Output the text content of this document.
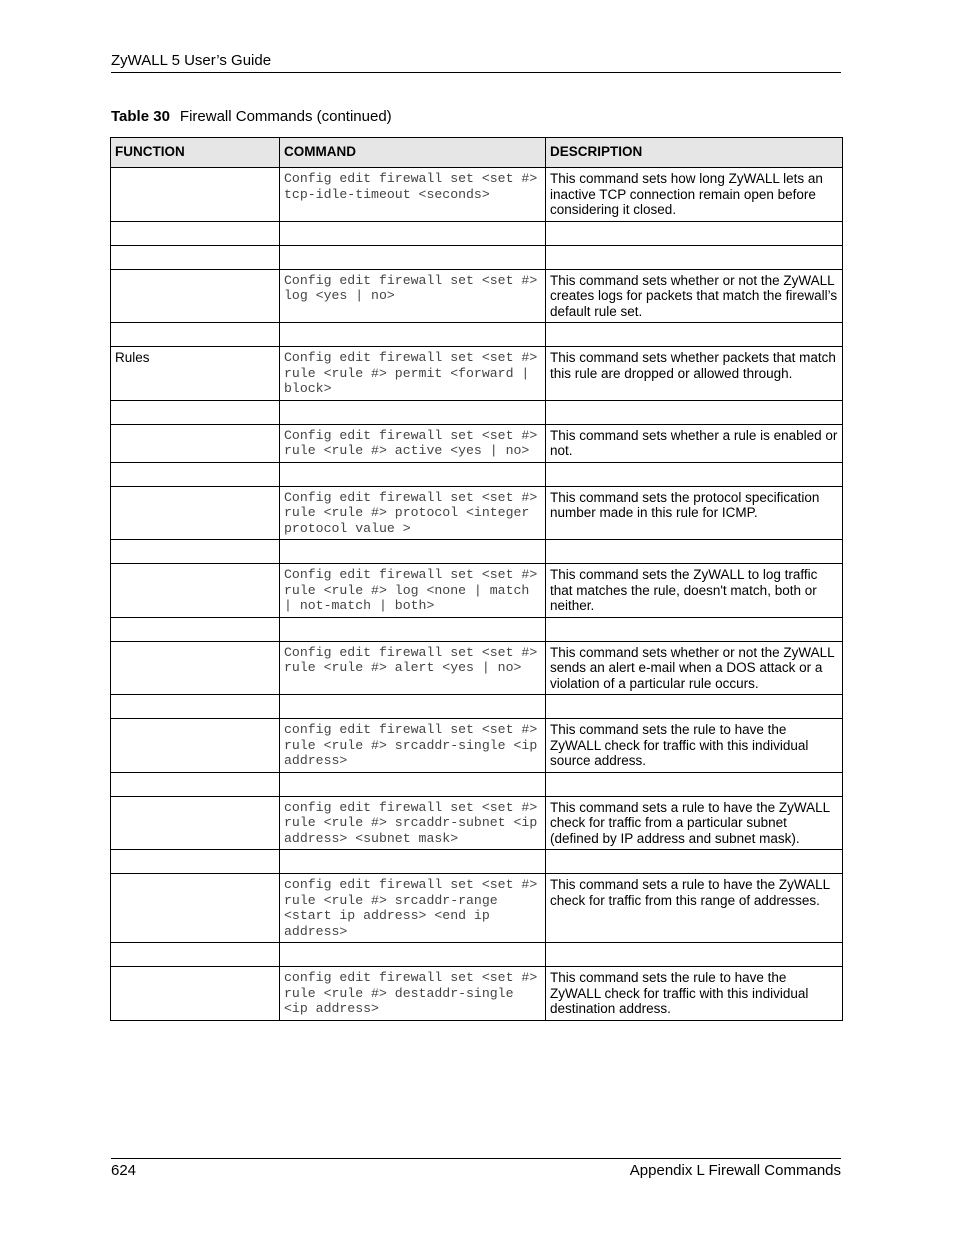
ZyWALL 5 User’s Guide
Table 30 Firewall Commands (continued)
FUNCTION	COMMAND	DESCRIPTION
	Config edit firewall set <set #> tcp-idle-timeout <seconds>	This command sets how long ZyWALL lets an inactive TCP connection remain open before considering it closed.

	Config edit firewall set <set #> log <yes | no>	This command sets whether or not the ZyWALL creates logs for packets that match the firewall’s default rule set.

Rules	Config edit firewall set <set #> rule <rule #> permit <forward | block>	This command sets whether packets that match this rule are dropped or allowed through.

	Config edit firewall set <set #> rule <rule #> active <yes | no>	This command sets whether a rule is enabled or not.

	Config edit firewall set <set #> rule <rule #> protocol <integer protocol value >	This command sets the protocol specification number made in this rule for ICMP.

	Config edit firewall set <set #> rule <rule #> log <none | match | not-match | both>	This command sets the ZyWALL to log traffic that matches the rule, doesn't match, both or neither.

	Config edit firewall set <set #> rule <rule #> alert <yes | no>	This command sets whether or not the ZyWALL sends an alert e-mail when a DOS attack or a violation of a particular rule occurs.

	config edit firewall set <set #> rule <rule #> srcaddr-single <ip address>	This command sets the rule to have the ZyWALL check for traffic with this individual source address.

	config edit firewall set <set #> rule <rule #> srcaddr-subnet <ip address> <subnet mask>	This command sets a rule to have the ZyWALL check for traffic from a particular subnet (defined by IP address and subnet mask).

	config edit firewall set <set #> rule <rule #> srcaddr-range <start ip address> <end ip address>	This command sets a rule to have the ZyWALL check for traffic from this range of addresses.

	config edit firewall set <set #> rule <rule #> destaddr-single <ip address>	This command sets the rule to have the ZyWALL check for traffic with this individual destination address.
624	Appendix L Firewall Commands
